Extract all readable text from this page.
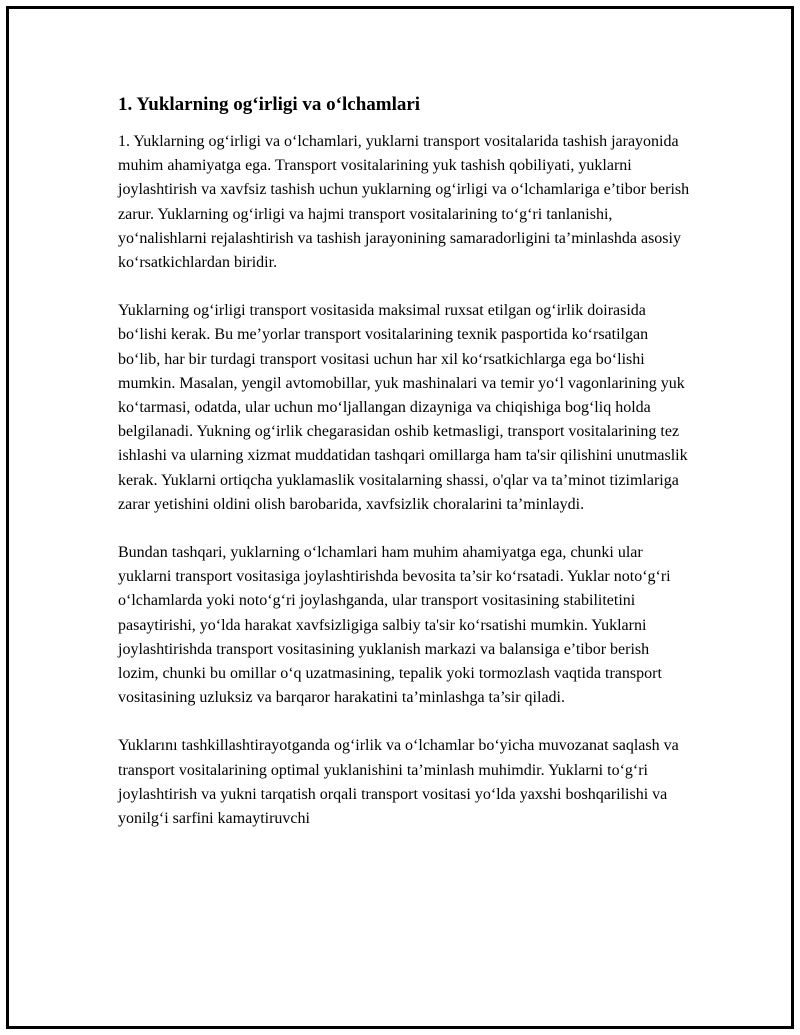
1. Yuklarning og‘irligi va o‘lchamlari

1. Yuklarning og‘irligi va o‘lchamlari, yuklarni transport vositalarida tashish jarayonida muhim ahamiyatga ega. Transport vositalarining yuk tashish qobiliyati, yuklarni joylashtirish va xavfsiz tashish uchun yuklarning og‘irligi va o‘lchamlariga e’tibor berish zarur. Yuklarning og‘irligi va hajmi transport vositalarining to‘g‘ri tanlanishi, yo‘nalishlarni rejalashtirish va tashish jarayonining samaradorligini ta’minlashda asosiy ko‘rsatkichlardan biridir.

Yuklarning og‘irligi transport vositasida maksimal ruxsat etilgan og‘irlik doirasida bo‘lishi kerak. Bu me’yorlar transport vositalarining texnik pasportida ko‘rsatilgan bo‘lib, har bir turdagi transport vositasi uchun har xil ko‘rsatkichlarga ega bo‘lishi mumkin. Masalan, yengil avtomobillar, yuk mashinalari va temir yo‘l vagonlarining yuk ko‘tarmasi, odatda, ular uchun mo‘ljallangan dizayniga va chiqishiga bog‘liq holda belgilanadi. Yukning og‘irlik chegarasidan oshib ketmasligi, transport vositalarining tez ishlashi va ularning xizmat muddatidan tashqari omillarga ham ta'sir qilishini unutmaslik kerak. Yuklarni ortiqcha yuklamaslik vositalarning shassi, o'qlar va ta’minot tizimlariga zarar yetishini oldini olish barobarida, xavfsizlik choralarini ta’minlaydi.

Bundan tashqari, yuklarning o‘lchamlari ham muhim ahamiyatga ega, chunki ular yuklarni transport vositasiga joylashtirishda bevosita ta’sir ko‘rsatadi. Yuklar noto‘g‘ri o‘lchamlarda yoki noto‘g‘ri joylashganda, ular transport vositasining stabilitetini pasaytirishi, yo‘lda harakat xavfsizligiga salbiy ta'sir ko‘rsatishi mumkin. Yuklarni joylashtirishda transport vositasining yuklanish markazi va balansiga e’tibor berish lozim, chunki bu omillar o‘q uzatmasining, tepalik yoki tormozlash vaqtida transport vositasining uzluksiz va barqaror harakatini ta’minlashga ta’sir qiladi.

Yuklarını tashkillashtirayotganda og‘irlik va o‘lchamlar bo‘yicha muvozanat saqlash va transport vositalarining optimal yuklanishini ta’minlash muhimdir. Yuklarni to‘g‘ri joylashtirish va yukni tarqatish orqali transport vositasi yo‘lda yaxshi boshqarilishi va yonilg‘i sarfini kamaytiruvchi
